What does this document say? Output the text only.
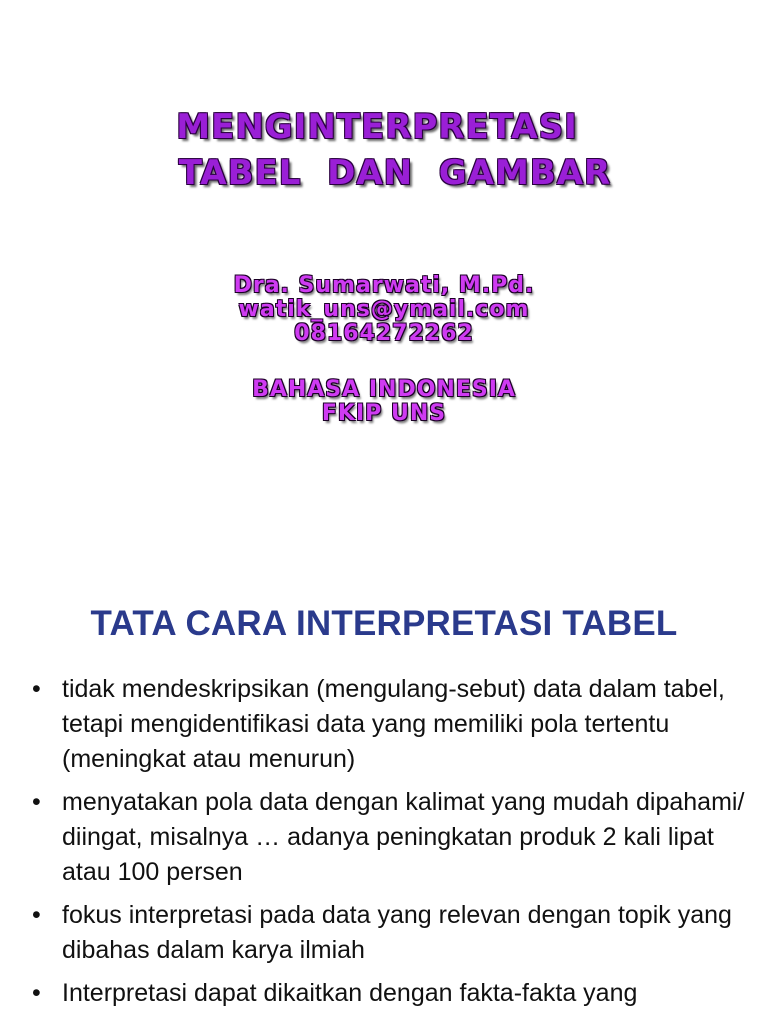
MENGINTERPRETASI
TABEL  DAN  GAMBAR
Dra. Sumarwati, M.Pd.
watik_uns@ymail.com
08164272262
BAHASA INDONESIA
FKIP UNS
TATA CARA INTERPRETASI TABEL
• tidak mendeskripsikan (mengulang-sebut) data dalam tabel, tetapi mengidentifikasi data yang memiliki pola tertentu (meningkat atau menurun)
• menyatakan pola data dengan kalimat yang mudah dipahami/ diingat, misalnya … adanya peningkatan produk 2 kali lipat atau 100 persen
• fokus interpretasi pada data yang relevan dengan topik yang dibahas dalam karya ilmiah
• Interpretasi dapat dikaitkan dengan fakta-fakta yang
